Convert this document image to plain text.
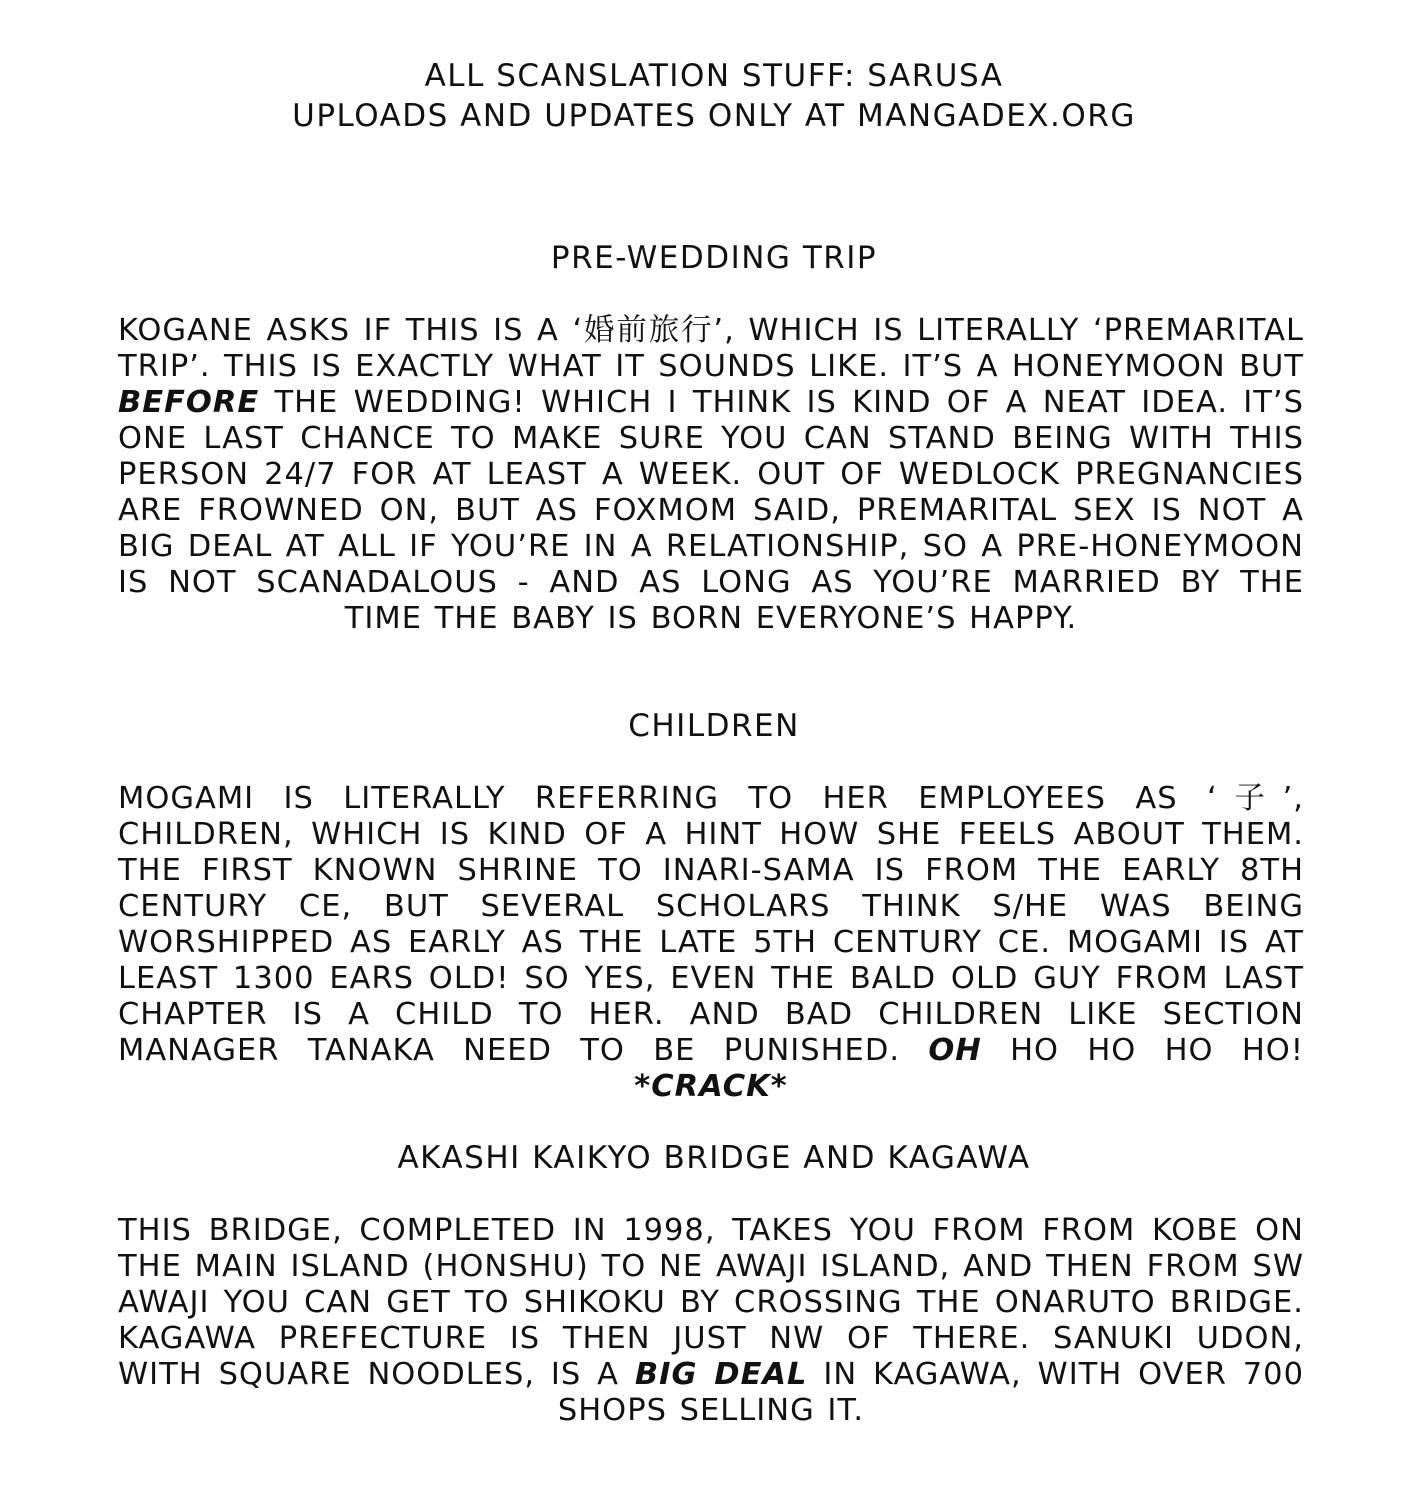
ALL SCANSLATION STUFF: SARUSA
UPLOADS AND UPDATES ONLY AT MANGADEX.ORG
PRE-WEDDING TRIP
KOGANE ASKS IF THIS IS A ‘婚前旅行’, WHICH IS LITERALLY ‘PREMARITAL TRIP’. THIS IS EXACTLY WHAT IT SOUNDS LIKE. IT’S A HONEYMOON BUT BEFORE THE WEDDING! WHICH I THINK IS KIND OF A NEAT IDEA. IT’S ONE LAST CHANCE TO MAKE SURE YOU CAN STAND BEING WITH THIS PERSON 24/7 FOR AT LEAST A WEEK. OUT OF WEDLOCK PREGNANCIES ARE FROWNED ON, BUT AS FOXMOM SAID, PREMARITAL SEX IS NOT A BIG DEAL AT ALL IF YOU’RE IN A RELATIONSHIP, SO A PRE-HONEYMOON IS NOT SCANADALOUS - AND AS LONG AS YOU’RE MARRIED BY THE TIME THE BABY IS BORN EVERYONE’S HAPPY.
CHILDREN
MOGAMI IS LITERALLY REFERRING TO HER EMPLOYEES AS ‘子’, CHILDREN, WHICH IS KIND OF A HINT HOW SHE FEELS ABOUT THEM. THE FIRST KNOWN SHRINE TO INARI-SAMA IS FROM THE EARLY 8TH CENTURY CE, BUT SEVERAL SCHOLARS THINK S/HE WAS BEING WORSHIPPED AS EARLY AS THE LATE 5TH CENTURY CE. MOGAMI IS AT LEAST 1300 EARS OLD! SO YES, EVEN THE BALD OLD GUY FROM LAST CHAPTER IS A CHILD TO HER. AND BAD CHILDREN LIKE SECTION MANAGER TANAKA NEED TO BE PUNISHED. OH HO HO HO HO! *CRACK*
AKASHI KAIKYO BRIDGE AND KAGAWA
THIS BRIDGE, COMPLETED IN 1998, TAKES YOU FROM FROM KOBE ON THE MAIN ISLAND (HONSHU) TO NE AWAJI ISLAND, AND THEN FROM SW AWAJI YOU CAN GET TO SHIKOKU BY CROSSING THE ONARUTO BRIDGE. KAGAWA PREFECTURE IS THEN JUST NW OF THERE. SANUKI UDON, WITH SQUARE NOODLES, IS A BIG DEAL IN KAGAWA, WITH OVER 700 SHOPS SELLING IT.
